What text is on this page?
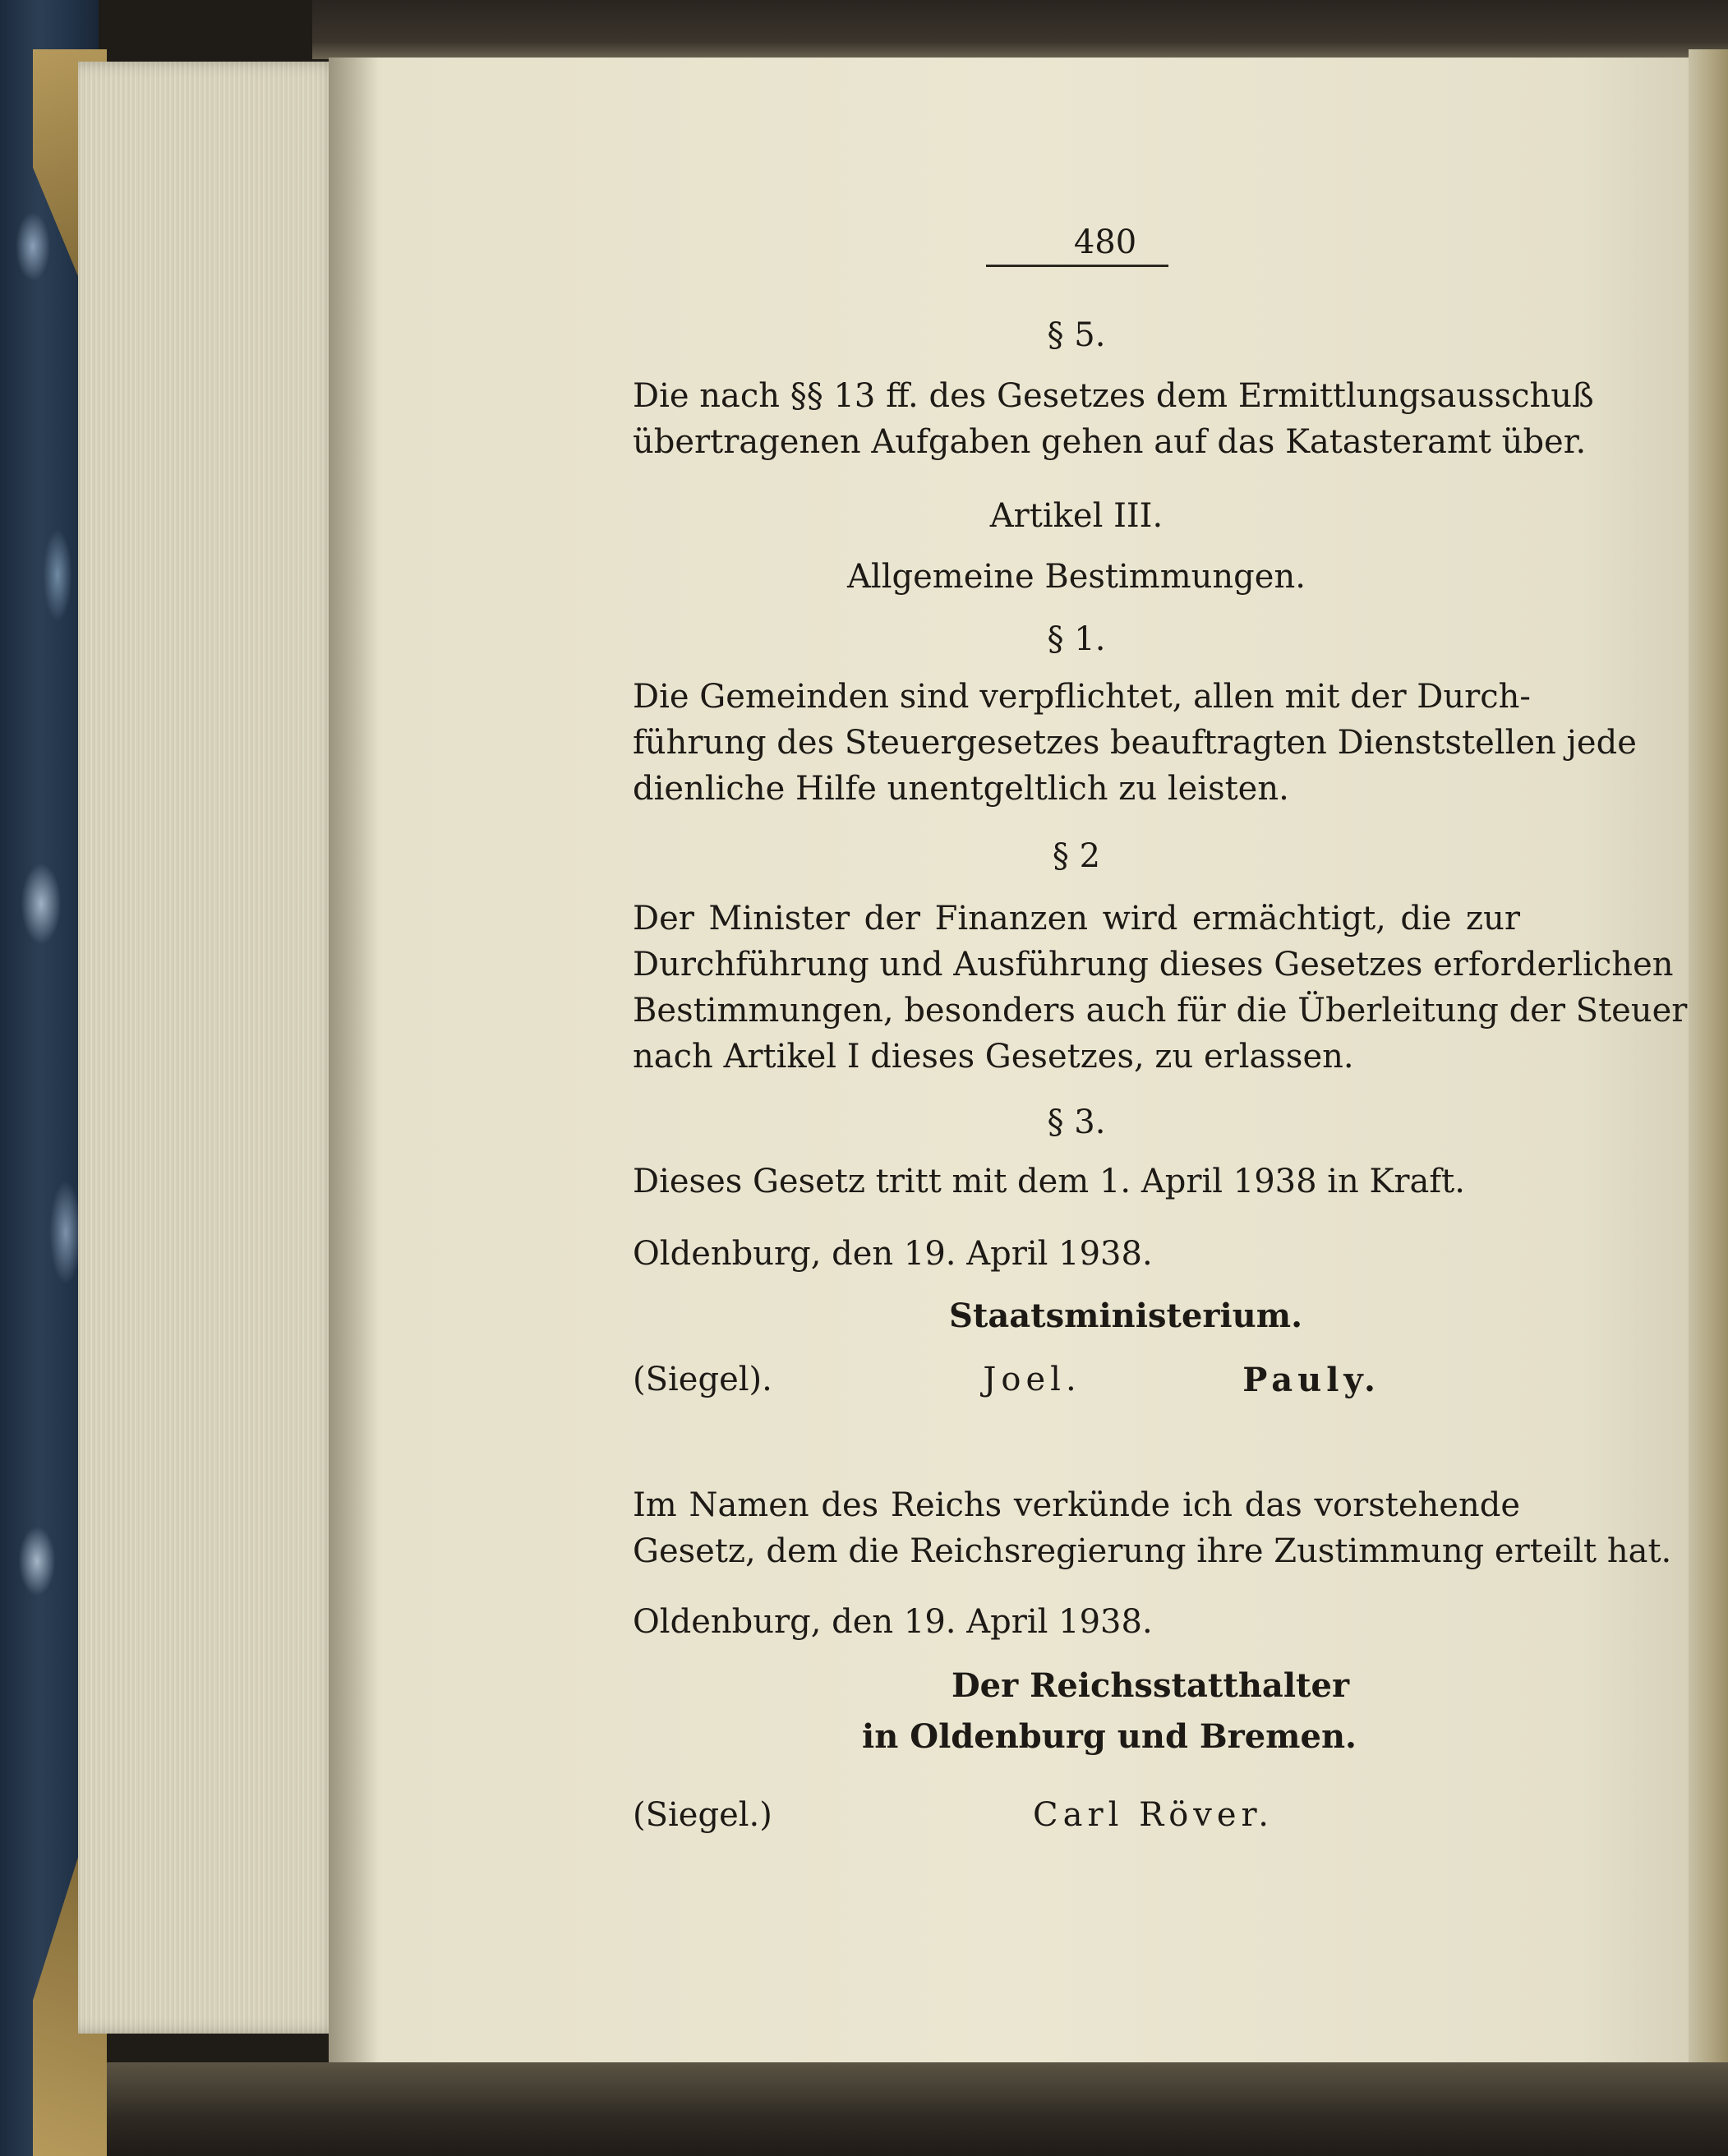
480
§ 5.
Die nach §§ 13 ff. des Gesetzes dem Ermittlungsausschuß
übertragenen Aufgaben gehen auf das Katasteramt über.
Artikel III.
Allgemeine Bestimmungen.
§ 1.
Die Gemeinden sind verpflichtet, allen mit der Durch-
führung des Steuergesetzes beauftragten Dienststellen jede
dienliche Hilfe unentgeltlich zu leisten.
§ 2
Der Minister der Finanzen wird ermächtigt, die zur
Durchführung und Ausführung dieses Gesetzes erforderlichen
Bestimmungen, besonders auch für die Überleitung der Steuer
nach Artikel I dieses Gesetzes, zu erlassen.
§ 3.
Dieses Gesetz tritt mit dem 1. April 1938 in Kraft.
Oldenburg, den 19. April 1938.
Staatsministerium.
(Siegel).	Joel.	Pauly.
Im Namen des Reichs verkünde ich das vorstehende
Gesetz, dem die Reichsregierung ihre Zustimmung erteilt hat.
Oldenburg, den 19. April 1938.
Der Reichsstatthalter
in Oldenburg und Bremen.
(Siegel.)	Carl Röver.
